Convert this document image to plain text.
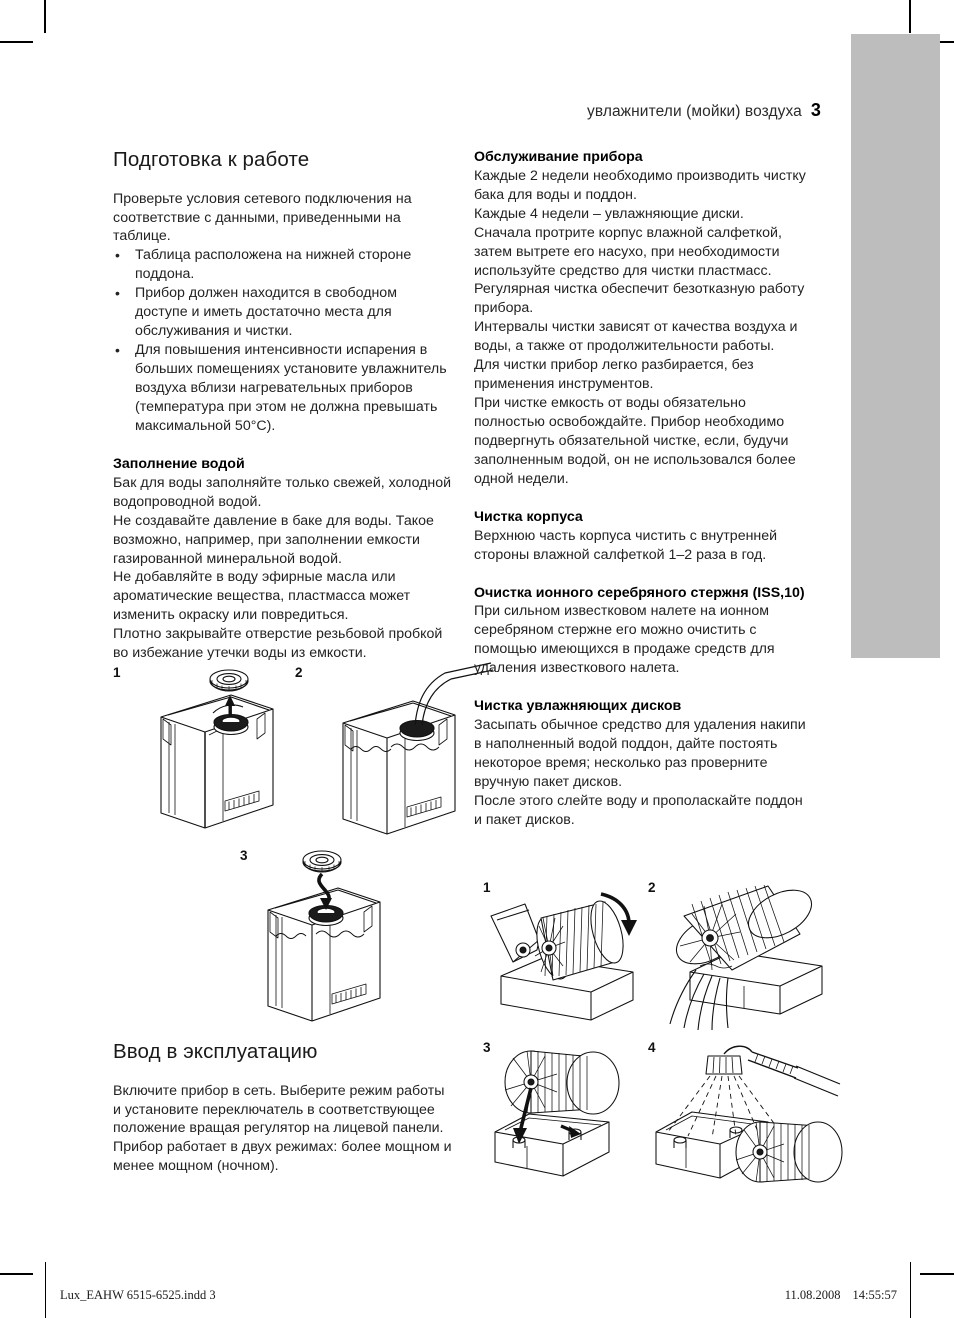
увлажнители (мойки) воздуха 3
Подготовка к работе

Проверьте условия сетевого подключения на соответствие с данными, приведенными на таблице.

• Таблица расположена на нижней стороне поддона.
• Прибор должен находится в свободном доступе и иметь достаточно места для обслуживания и чистки.
• Для повышения интенсивности испарения в больших помещениях установите увлажнитель воздуха вблизи нагревательных приборов (температура при этом не должна превышать максимальной 50°C).
Заполнение водой

Бак для воды заполняйте только свежей, холодной водопроводной водой.

Не создавайте давление в баке для воды. Такое возможно, например, при заполнении емкости газированной минеральной водой.

Не добавляйте в воду эфирные масла или ароматические вещества, пластмасса может изменить окраску или повредиться.

Плотно закрывайте отверстие резьбовой пробкой во избежание утечки воды из емкости.

1	2
3
Ввод в эксплуатацию

Включите прибор в сеть. Выберите режим работы и установите переключатель в соответствующее положение вращая регулятор на лицевой панели.

Прибор работает в двух режимах: более мощном и менее мощном (ночном).

Обслуживание прибора

Каждые 2 недели необходимо производить чистку бака для воды и поддон.

Каждые 4 недели – увлажняющие диски.

Сначала протрите корпус влажной салфеткой, затем вытрете его насухо, при необходимости используйте средство для чистки пластмасс.

Регулярная чистка обеспечит безотказную работу прибора.

Интервалы чистки зависят от качества воздуха и воды, а также от продолжительности работы.

Для чистки прибор легко разбирается, без применения инструментов.

При чистке емкость от воды обязательно полностью освобождайте. Прибор необходимо подвергнуть обязательной чистке, если, будучи заполненным водой, он не использовался более одной недели.

Чистка корпуса

Верхнюю часть корпуса чистить с внутренней стороны влажной салфеткой 1–2 раза в год.

Очистка ионного серебряного стержня (ISS,10)

При сильном известковом налете на ионном серебряном стержне его можно очистить с помощью имеющихся в продаже средств для удаления известкового налета.

Чистка увлажняющих дисков

Засыпать обычное средство для удаления накипи в наполненный водой поддон, дайте постоять некоторое время; несколько раз проверните вручную пакет дисков.

После этого слейте воду и прополаскайте поддон и пакет дисков.

1	2
3	4
Lux_EAHW 6515-6525.indd 3	11.08.2008 14:55:57
